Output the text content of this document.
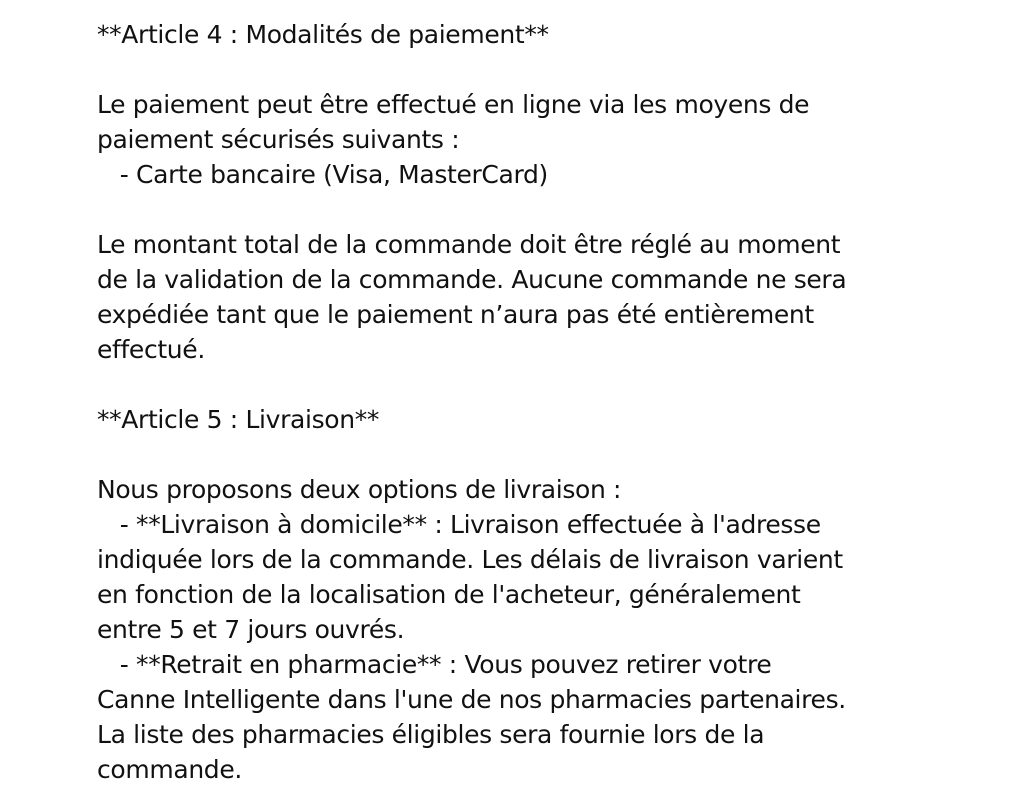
**Article 4 : Modalités de paiement**
Le paiement peut être effectué en ligne via les moyens de
paiement sécurisés suivants :
- Carte bancaire (Visa, MasterCard)
Le montant total de la commande doit être réglé au moment
de la validation de la commande. Aucune commande ne sera
expédiée tant que le paiement n’aura pas été entièrement
effectué.
**Article 5 : Livraison**
Nous proposons deux options de livraison :
- **Livraison à domicile** : Livraison effectuée à l'adresse
indiquée lors de la commande. Les délais de livraison varient
en fonction de la localisation de l'acheteur, généralement
entre 5 et 7 jours ouvrés.
- **Retrait en pharmacie** : Vous pouvez retirer votre
Canne Intelligente dans l'une de nos pharmacies partenaires.
La liste des pharmacies éligibles sera fournie lors de la
commande.
